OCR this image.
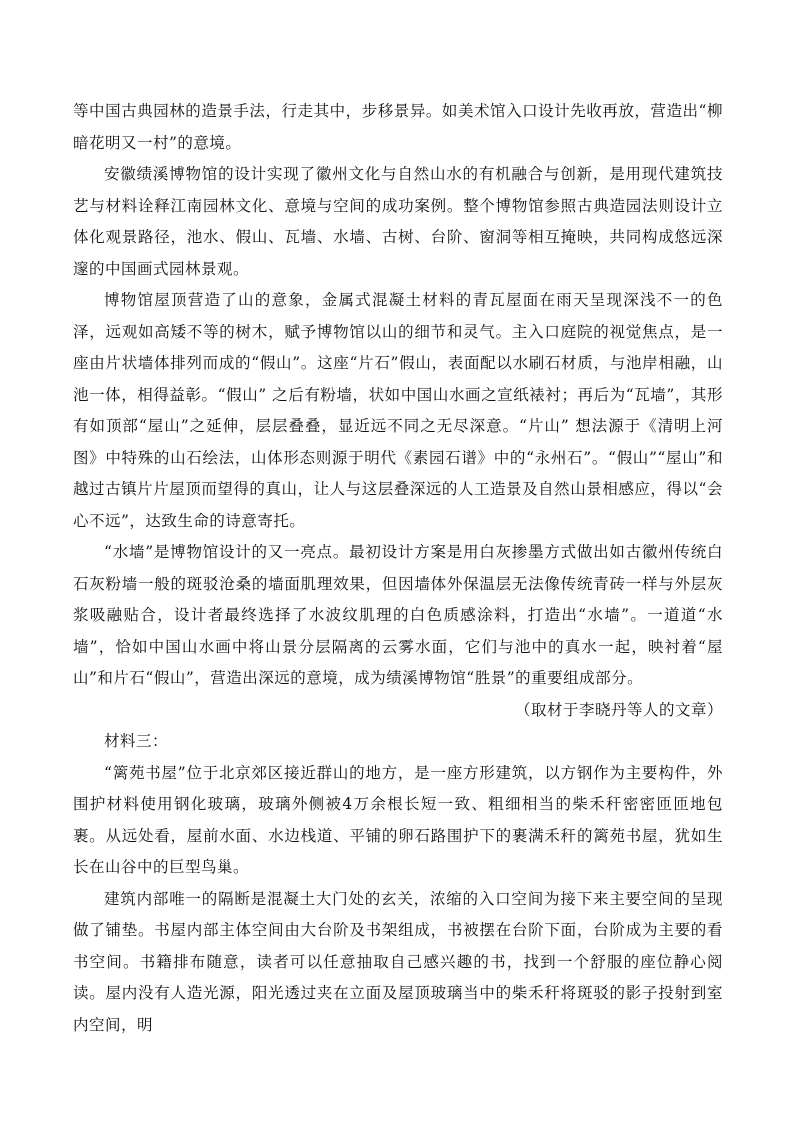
等中国古典园林的造景手法，行走其中，步移景异。如美术馆入口设计先收再放，营造出“柳暗花明又一村”的意境。

安徽绩溪博物馆的设计实现了徽州文化与自然山水的有机融合与创新，是用现代建筑技艺与材料诠释江南园林文化、意境与空间的成功案例。整个博物馆参照古典造园法则设计立体化观景路径，池水、假山、瓦墙、水墙、古树、台阶、窗洞等相互掩映，共同构成悠远深邃的中国画式园林景观。

博物馆屋顶营造了山的意象，金属式混凝土材料的青瓦屋面在雨天呈现深浅不一的色泽，远观如高矮不等的树木，赋予博物馆以山的细节和灵气。主入口庭院的视觉焦点，是一座由片状墙体排列而成的“假山”。这座“片石”假山，表面配以水刷石材质，与池岸相融，山池一体，相得益彰。“假山” 之后有粉墙，状如中国山水画之宣纸裱衬；再后为“瓦墙”，其形有如顶部“屋山”之延伸，层层叠叠，显近远不同之无尽深意。“片山” 想法源于《清明上河图》中特殊的山石绘法，山体形态则源于明代《素园石谱》中的“永州石”。“假山”“屋山”和越过古镇片片屋顶而望得的真山，让人与这层叠深远的人工造景及自然山景相感应，得以“会心不远”，达致生命的诗意寄托。

“水墙”是博物馆设计的又一亮点。最初设计方案是用白灰掺墨方式做出如古徽州传统白石灰粉墙一般的斑驳沧桑的墙面肌理效果，但因墙体外保温层无法像传统青砖一样与外层灰浆吸融贴合，设计者最终选择了水波纹肌理的白色质感涂料，打造出“水墙”。一道道“水墙”，恰如中国山水画中将山景分层隔离的云雾水面，它们与池中的真水一起，映衬着“屋山”和片石“假山”，营造出深远的意境，成为绩溪博物馆“胜景”的重要组成部分。

（取材于李晓丹等人的文章）

材料三：

“篱苑书屋”位于北京郊区接近群山的地方，是一座方形建筑，以方钢作为主要构件，外围护材料使用钢化玻璃，玻璃外侧被4万余根长短一致、粗细相当的柴禾秆密密匝匝地包裹。从远处看，屋前水面、水边栈道、平铺的卵石路围护下的裹满禾秆的篱苑书屋，犹如生长在山谷中的巨型鸟巢。

建筑内部唯一的隔断是混凝土大门处的玄关，浓缩的入口空间为接下来主要空间的呈现做了铺垫。书屋内部主体空间由大台阶及书架组成，书被摆在台阶下面，台阶成为主要的看书空间。书籍排布随意，读者可以任意抽取自己感兴趣的书，找到一个舒服的座位静心阅读。屋内没有人造光源，阳光透过夹在立面及屋顶玻璃当中的柴禾秆将斑驳的影子投射到室内空间，明
